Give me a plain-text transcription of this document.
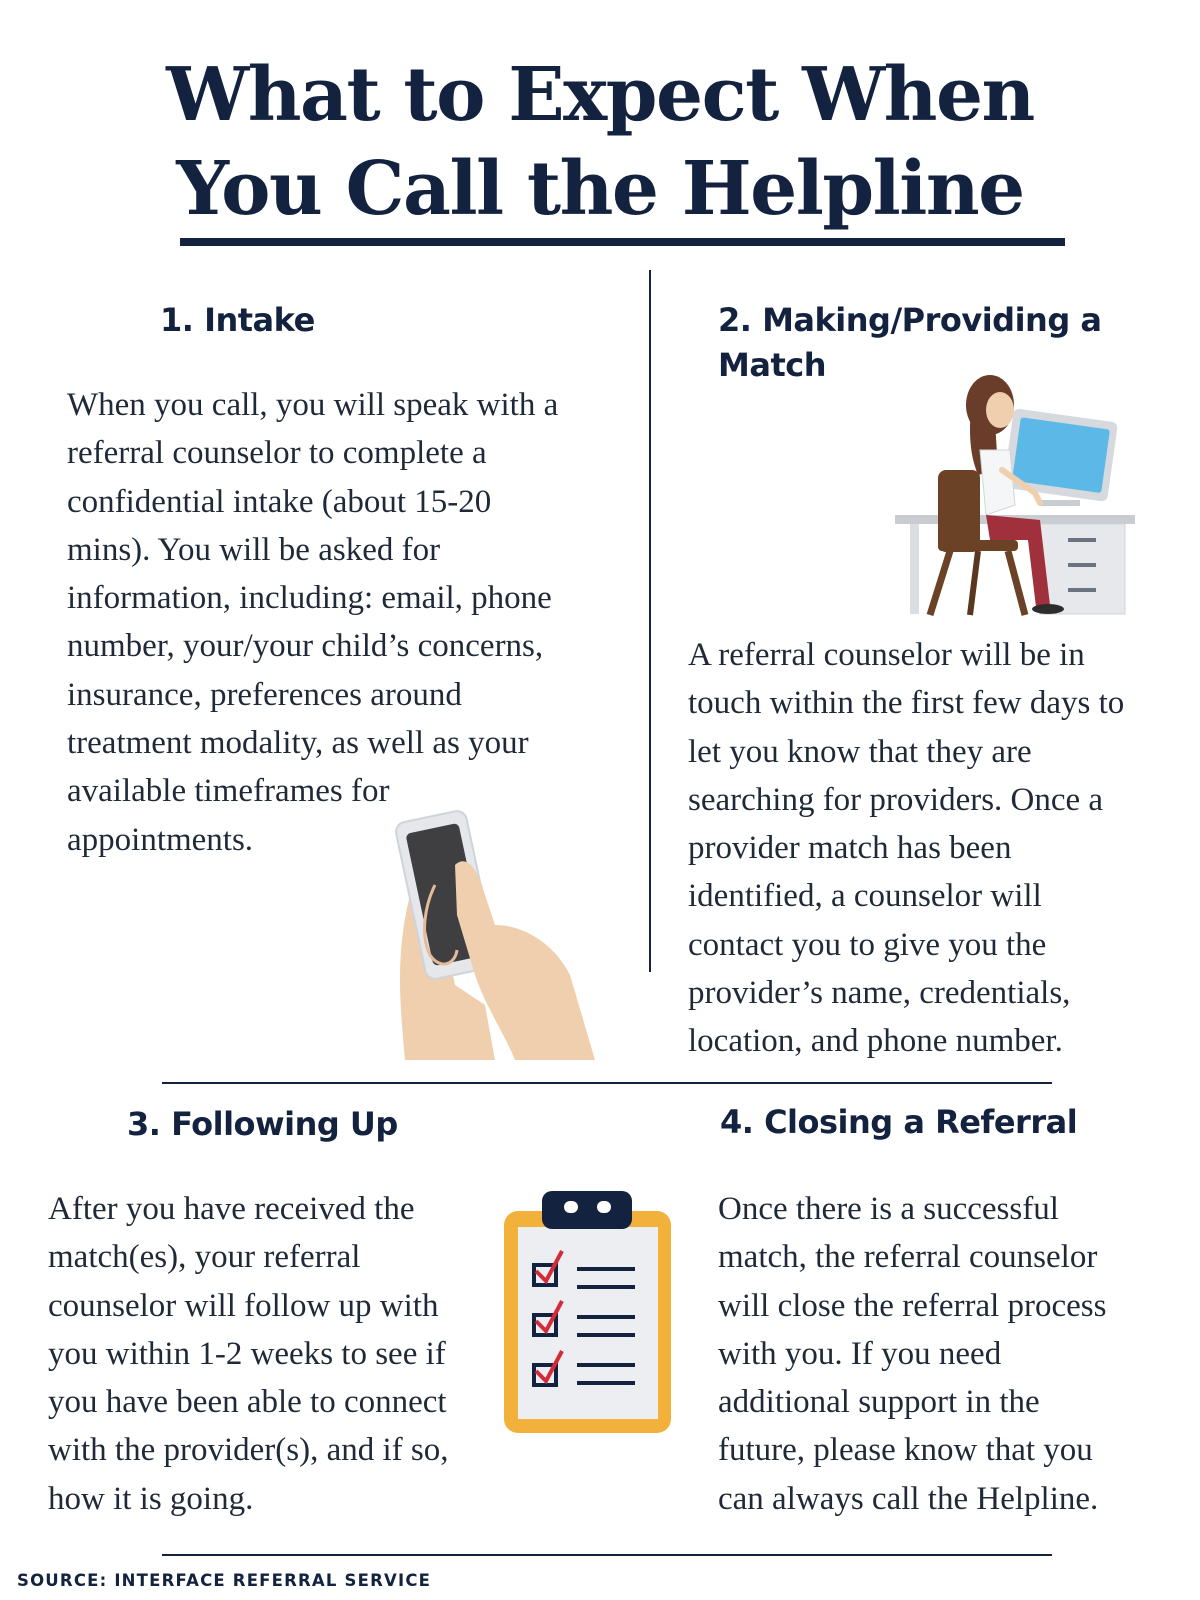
What to Expect When
You Call the Helpline
1. Intake
When you call, you will speak with a
referral counselor to complete a
confidential intake (about 15-20
mins). You will be asked for
information, including: email, phone
number, your/your child’s concerns,
insurance, preferences around
treatment modality, as well as your
available timeframes for
appointments.
2. Making/Providing a
Match
A referral counselor will be in
touch within the first few days to
let you know that they are
searching for providers. Once a
provider match has been
identified, a counselor will
contact you to give you the
provider’s name, credentials,
location, and phone number.
3. Following Up
After you have received the
match(es), your referral
counselor will follow up with
you within 1-2 weeks to see if
you have been able to connect
with the provider(s), and if so,
how it is going.
4. Closing a Referral
Once there is a successful
match, the referral counselor
will close the referral process
with you. If you need
additional support in the
future, please know that you
can always call the Helpline.

SOURCE: INTERFACE REFERRAL SERVICE
